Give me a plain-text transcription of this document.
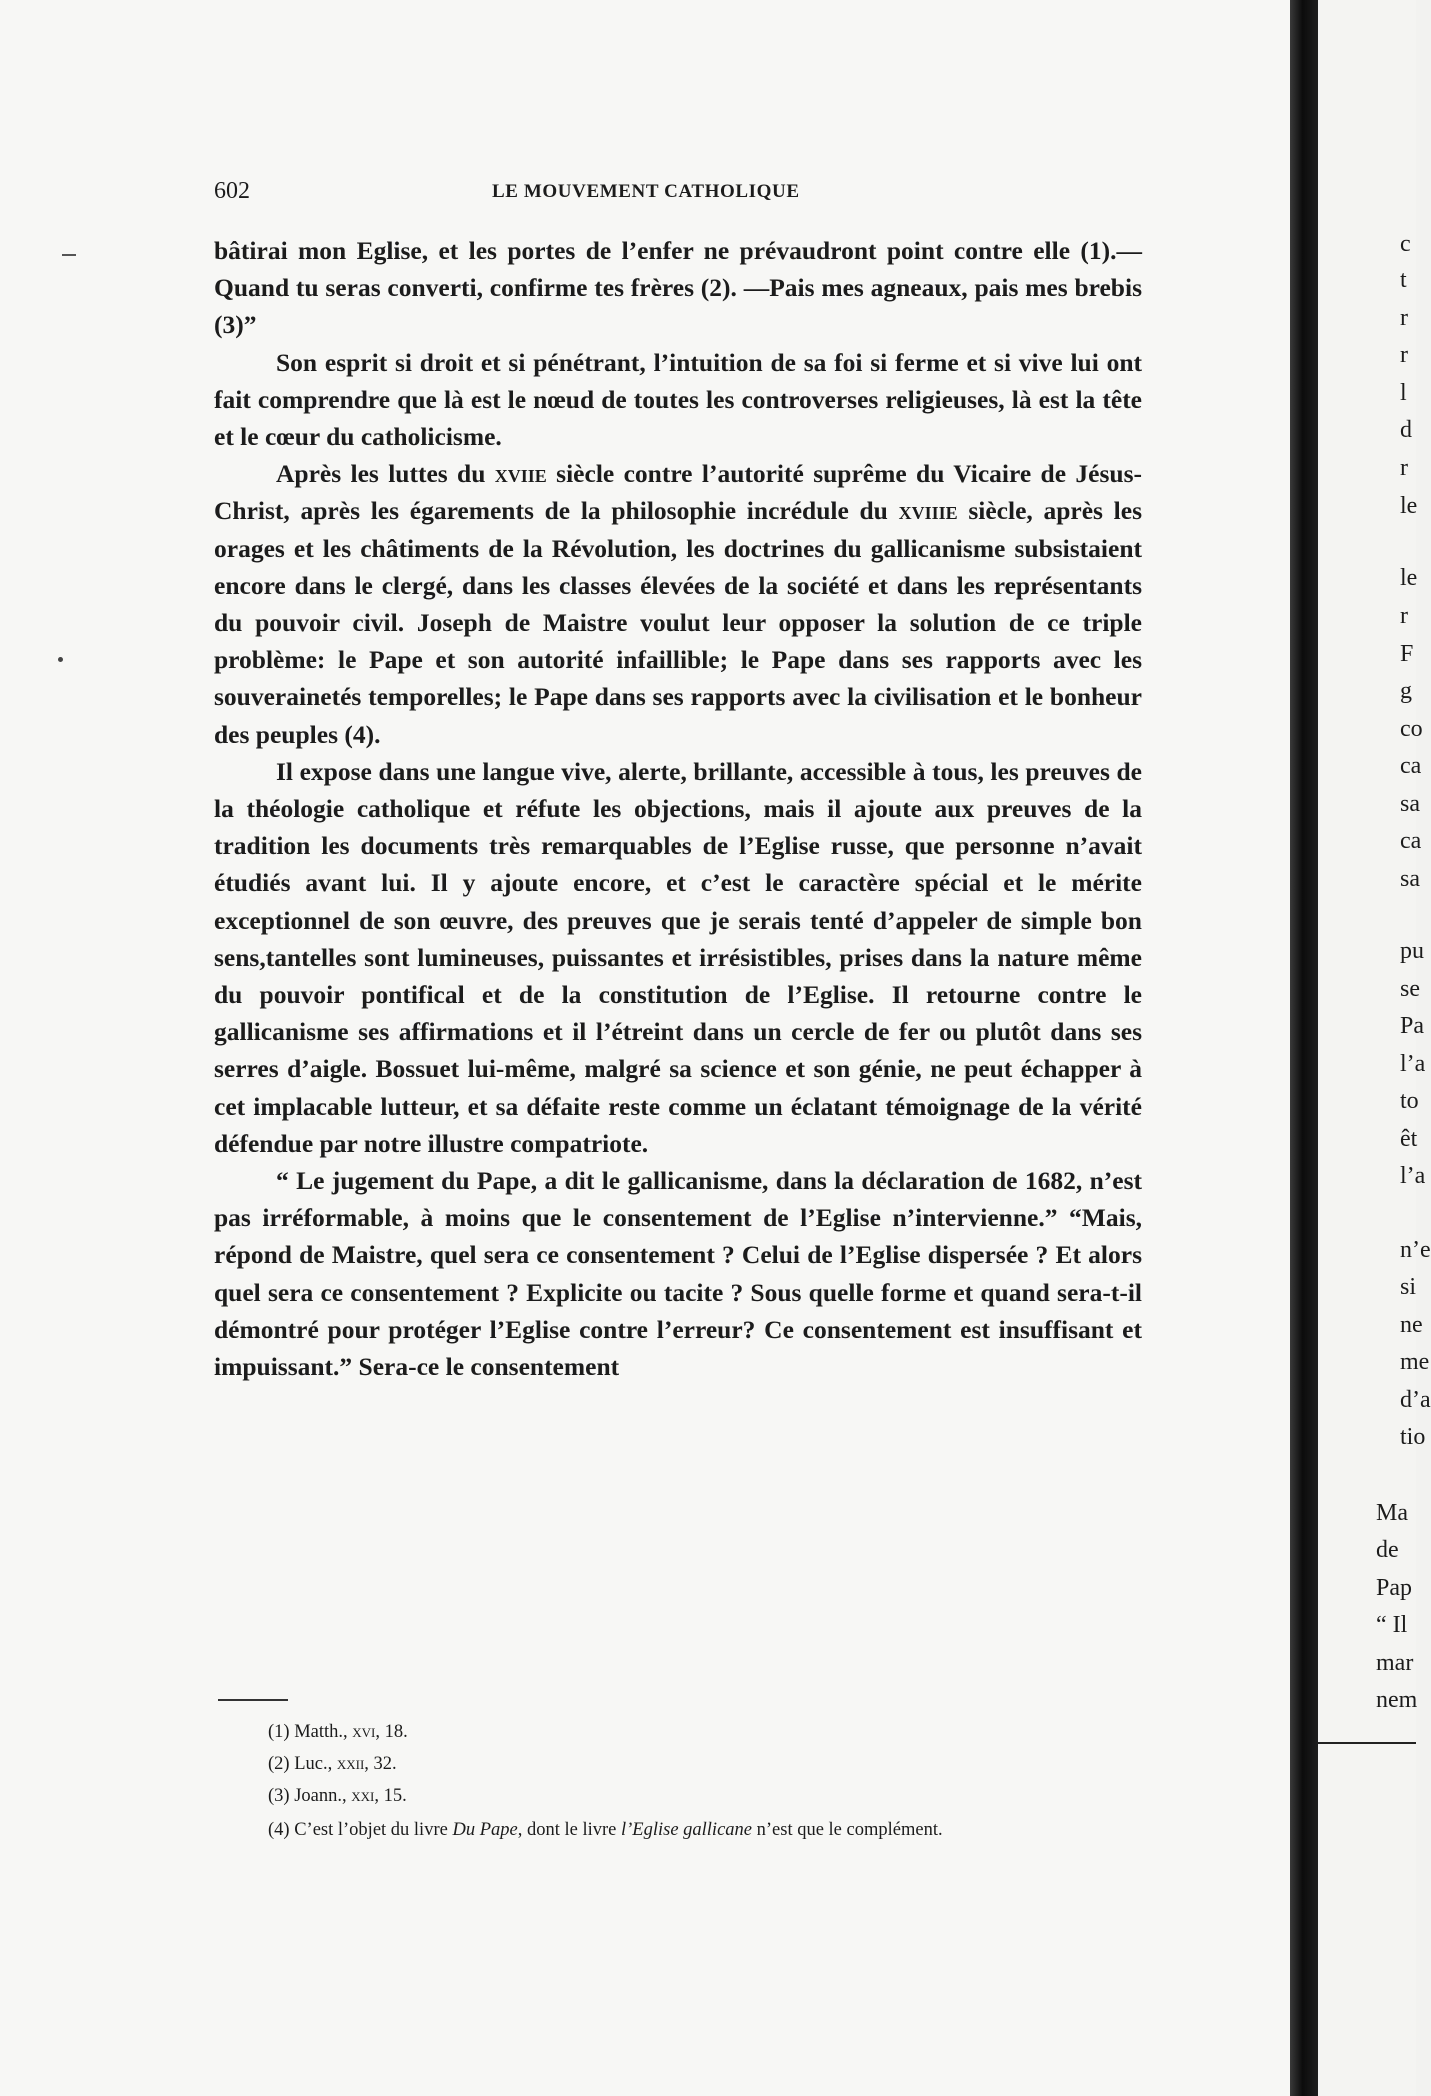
602	LE MOUVEMENT CATHOLIQUE

bâtirai mon Eglise, et les portes de l’enfer ne prévaudront point contre elle (1).—Quand tu seras converti, confirme tes frères (2). —Pais mes agneaux, pais mes brebis (3)”

Son esprit si droit et si pénétrant, l’intuition de sa foi si ferme et si vive lui ont fait comprendre que là est le nœud de toutes les controverses religieuses, là est la tête et le cœur du catholicisme.

Après les luttes du xviie siècle contre l’autorité suprême du Vicaire de Jésus-Christ, après les égarements de la philosophie incrédule du xviiie siècle, après les orages et les châtiments de la Révolution, les doctrines du gallicanisme subsistaient encore dans le clergé, dans les classes élevées de la société et dans les représentants du pouvoir civil. Joseph de Maistre voulut leur opposer la solution de ce triple problème: le Pape et son autorité infaillible; le Pape dans ses rapports avec les souverainetés temporelles; le Pape dans ses rapports avec la civilisation et le bonheur des peuples (4).

Il expose dans une langue vive, alerte, brillante, accessible à tous, les preuves de la théologie catholique et réfute les objections, mais il ajoute aux preuves de la tradition les documents très remarquables de l’Eglise russe, que personne n’avait étudiés avant lui. Il y ajoute encore, et c’est le caractère spécial et le mérite exceptionnel de son œuvre, des preuves que je serais tenté d’appeler de simple bon sens,tantelles sont lumineuses, puissantes et irrésistibles, prises dans la nature même du pouvoir pontifical et de la constitution de l’Eglise. Il retourne contre le gallicanisme ses affirmations et il l’étreint dans un cercle de fer ou plutôt dans ses serres d’aigle. Bossuet lui-même, malgré sa science et son génie, ne peut échapper à cet implacable lutteur, et sa défaite reste comme un éclatant témoignage de la vérité défendue par notre illustre compatriote.

“ Le jugement du Pape, a dit le gallicanisme, dans la déclaration de 1682, n’est pas irréformable, à moins que le consentement de l’Eglise n’intervienne.” “Mais, répond de Maistre, quel sera ce consentement ? Celui de l’Eglise dispersée ? Et alors quel sera ce consentement ? Explicite ou tacite ? Sous quelle forme et quand sera-t-il démontré pour protéger l’Eglise contre l’erreur? Ce consentement est insuffisant et impuissant.” Sera-ce le consentement

(1) Matth., xvi, 18.

(2) Luc., xxii, 32.

(3) Joann., xxi, 15.

(4) C’est l’objet du livre Du Pape, dont le livre l’Eglise gallicane n’est que le complément.

c
t
r
r
l
d
r
le
le
r
F
g
co
ca
sa
ca
sa
pu
se
Pa
l’a
to
êt
l’a
n’e
si
ne
me
d’a
tio
Ma
de
Pap
“ Il
mar
nem
